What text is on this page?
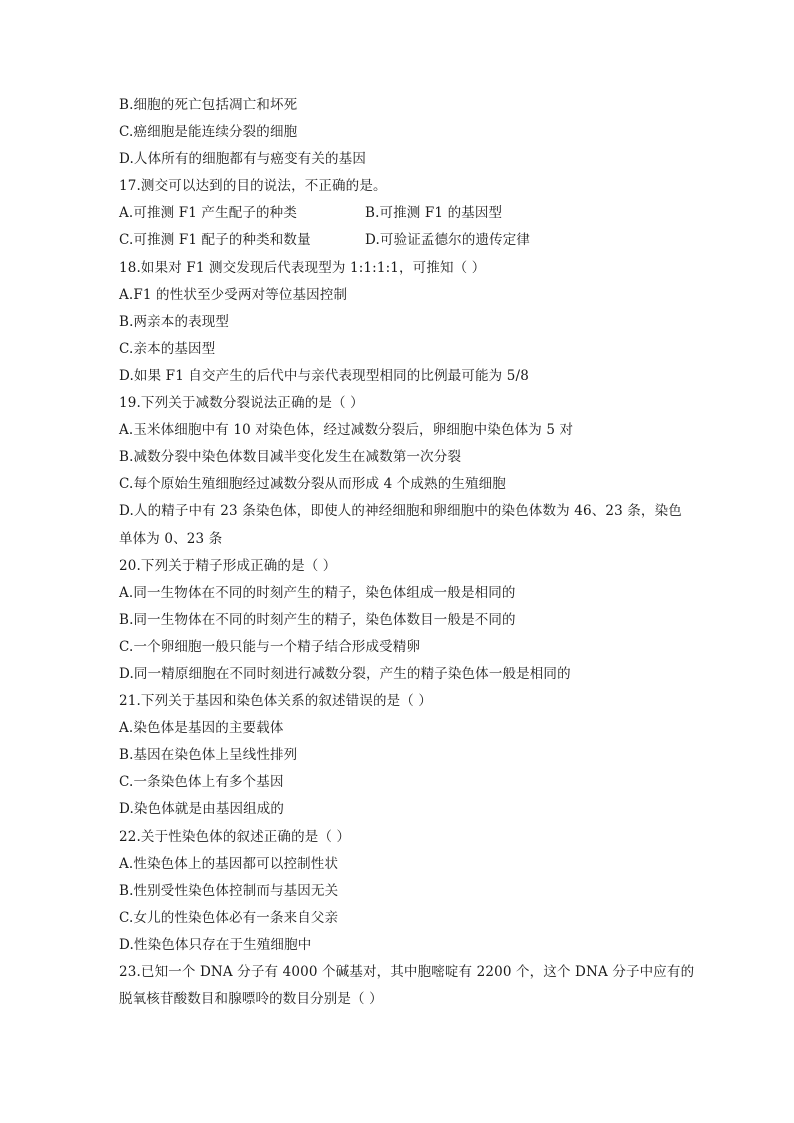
B.细胞的死亡包括凋亡和坏死
C.癌细胞是能连续分裂的细胞
D.人体所有的细胞都有与癌变有关的基因
17.测交可以达到的目的说法，不正确的是。
A.可推测 F1 产生配子的种类	B.可推测 F1 的基因型
C.可推测 F1 配子的种类和数量	D.可验证孟德尔的遗传定律
18.如果对 F1 测交发现后代表现型为 1:1:1:1，可推知（ ）
A.F1 的性状至少受两对等位基因控制
B.两亲本的表现型
C.亲本的基因型
D.如果 F1 自交产生的后代中与亲代表现型相同的比例最可能为 5/8
19.下列关于减数分裂说法正确的是（ ）
A.玉米体细胞中有 10 对染色体，经过减数分裂后，卵细胞中染色体为 5 对
B.减数分裂中染色体数目减半变化发生在减数第一次分裂
C.每个原始生殖细胞经过减数分裂从而形成 4 个成熟的生殖细胞
D.人的精子中有 23 条染色体，即使人的神经细胞和卵细胞中的染色体数为 46、23 条，染色
单体为 0、23 条
20.下列关于精子形成正确的是（ ）
A.同一生物体在不同的时刻产生的精子，染色体组成一般是相同的
B.同一生物体在不同的时刻产生的精子，染色体数目一般是不同的
C.一个卵细胞一般只能与一个精子结合形成受精卵
D.同一精原细胞在不同时刻进行减数分裂，产生的精子染色体一般是相同的
21.下列关于基因和染色体关系的叙述错误的是（ ）
A.染色体是基因的主要载体
B.基因在染色体上呈线性排列
C.一条染色体上有多个基因
D.染色体就是由基因组成的
22.关于性染色体的叙述正确的是（ ）
A.性染色体上的基因都可以控制性状
B.性别受性染色体控制而与基因无关
C.女儿的性染色体必有一条来自父亲
D.性染色体只存在于生殖细胞中
23.已知一个 DNA 分子有 4000 个碱基对，其中胞嘧啶有 2200 个，这个 DNA 分子中应有的
脱氧核苷酸数目和腺嘌呤的数目分别是（ ）
